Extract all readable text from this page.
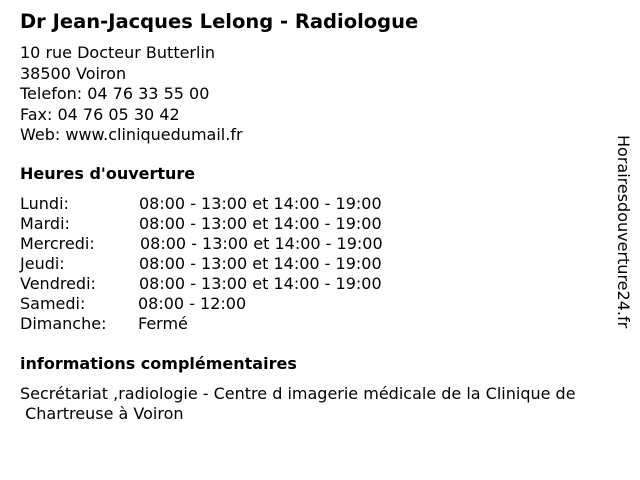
Dr Jean-Jacques Lelong - Radiologue
10 rue Docteur Butterlin
38500 Voiron
Telefon: 04 76 33 55 00
Fax: 04 76 05 30 42
Web: www.cliniquedumail.fr
Heures d'ouverture
Lundi:	08:00 - 13:00 et 14:00 - 19:00
Mardi:	08:00 - 13:00 et 14:00 - 19:00
Mercredi:	08:00 - 13:00 et 14:00 - 19:00
Jeudi:	08:00 - 13:00 et 14:00 - 19:00
Vendredi:	08:00 - 13:00 et 14:00 - 19:00
Samedi:	08:00 - 12:00
Dimanche: Fermé
informations complémentaires
Secrétariat ,radiologie - Centre d imagerie médicale de la Clinique de
Chartreuse à Voiron
Horairesdouverture24.fr
